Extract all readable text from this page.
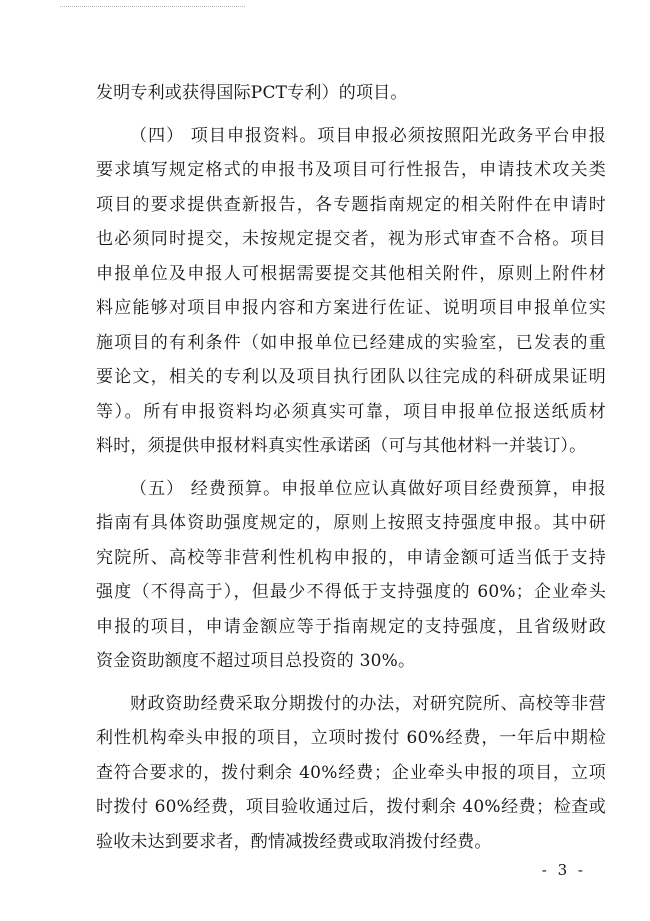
发明专利或获得国际PCT专利）的项目。
（四） 项目申报资料。项目申报必须按照阳光政务平台申报
要求填写规定格式的申报书及项目可行性报告，申请技术攻关类
项目的要求提供查新报告，各专题指南规定的相关附件在申请时
也必须同时提交，未按规定提交者，视为形式审查不合格。项目
申报单位及申报人可根据需要提交其他相关附件，原则上附件材
料应能够对项目申报内容和方案进行佐证、说明项目申报单位实
施项目的有利条件（如申报单位已经建成的实验室，已发表的重
要论文，相关的专利以及项目执行团队以往完成的科研成果证明
等）。所有申报资料均必须真实可靠，项目申报单位报送纸质材
料时，须提供申报材料真实性承诺函（可与其他材料一并装订）。
（五） 经费预算。申报单位应认真做好项目经费预算，申报
指南有具体资助强度规定的，原则上按照支持强度申报。其中研
究院所、高校等非营利性机构申报的，申请金额可适当低于支持
强度（不得高于），但最少不得低于支持强度的 60%；企业牵头
申报的项目，申请金额应等于指南规定的支持强度，且省级财政
资金资助额度不超过项目总投资的 30%。
财政资助经费采取分期拨付的办法，对研究院所、高校等非营
利性机构牵头申报的项目，立项时拨付 60%经费，一年后中期检
查符合要求的，拨付剩余 40%经费；企业牵头申报的项目，立项
时拨付 60%经费，项目验收通过后，拨付剩余 40%经费；检查或
验收未达到要求者，酌情减拨经费或取消拨付经费。
- 3 -
